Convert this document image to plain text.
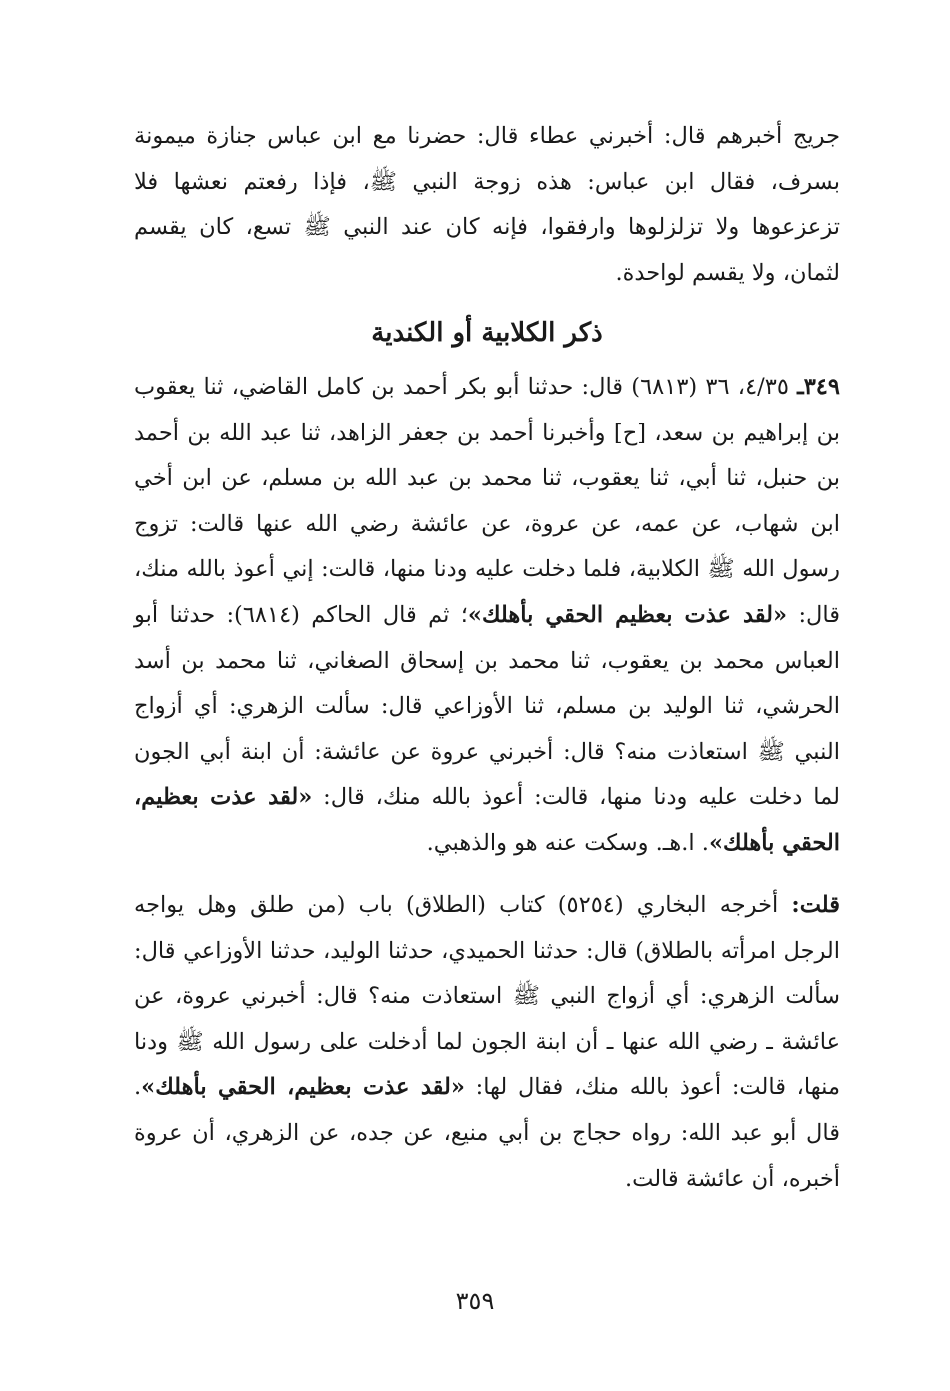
جريج أخبرهم قال: أخبرني عطاء قال: حضرنا مع ابن عباس جنازة ميمونة بسرف، فقال ابن عباس: هذه زوجة النبي ﷺ، فإذا رفعتم نعشها فلا تزعزعوها ولا تزلزلوها وارفقوا، فإنه كان عند النبي ﷺ تسع، كان يقسم لثمان، ولا يقسم لواحدة.

ذكر الكلابية أو الكندية

٣٤٩ـ ٤/٣٥، ٣٦ (٦٨١٣) قال: حدثنا أبو بكر أحمد بن كامل القاضي، ثنا يعقوب بن إبراهيم بن سعد، [ح] وأخبرنا أحمد بن جعفر الزاهد، ثنا عبد الله بن أحمد بن حنبل، ثنا أبي، ثنا يعقوب، ثنا محمد بن عبد الله بن مسلم، عن ابن أخي ابن شهاب، عن عمه، عن عروة، عن عائشة رضي الله عنها قالت: تزوج رسول الله ﷺ الكلابية، فلما دخلت عليه ودنا منها، قالت: إني أعوذ بالله منك، قال: «لقد عذت بعظيم الحقي بأهلك»؛ ثم قال الحاكم (٦٨١٤): حدثنا أبو العباس محمد بن يعقوب، ثنا محمد بن إسحاق الصغاني، ثنا محمد بن أسد الحرشي، ثنا الوليد بن مسلم، ثنا الأوزاعي قال: سألت الزهري: أي أزواج النبي ﷺ استعاذت منه؟ قال: أخبرني عروة عن عائشة: أن ابنة أبي الجون لما دخلت عليه ودنا منها، قالت: أعوذ بالله منك، قال: «لقد عذت بعظيم، الحقي بأهلك». ا.هـ. وسكت عنه هو والذهبي.

قلت: أخرجه البخاري (٥٢٥٤) كتاب (الطلاق) باب (من طلق وهل يواجه الرجل امرأته بالطلاق) قال: حدثنا الحميدي، حدثنا الوليد، حدثنا الأوزاعي قال: سألت الزهري: أي أزواج النبي ﷺ استعاذت منه؟ قال: أخبرني عروة، عن عائشة ـ رضي الله عنها ـ أن ابنة الجون لما أدخلت على رسول الله ﷺ ودنا منها، قالت: أعوذ بالله منك، فقال لها: «لقد عذت بعظيم، الحقي بأهلك». قال أبو عبد الله: رواه حجاج بن أبي منيع، عن جده، عن الزهري، أن عروة أخبره، أن عائشة قالت.

٣٥٩
